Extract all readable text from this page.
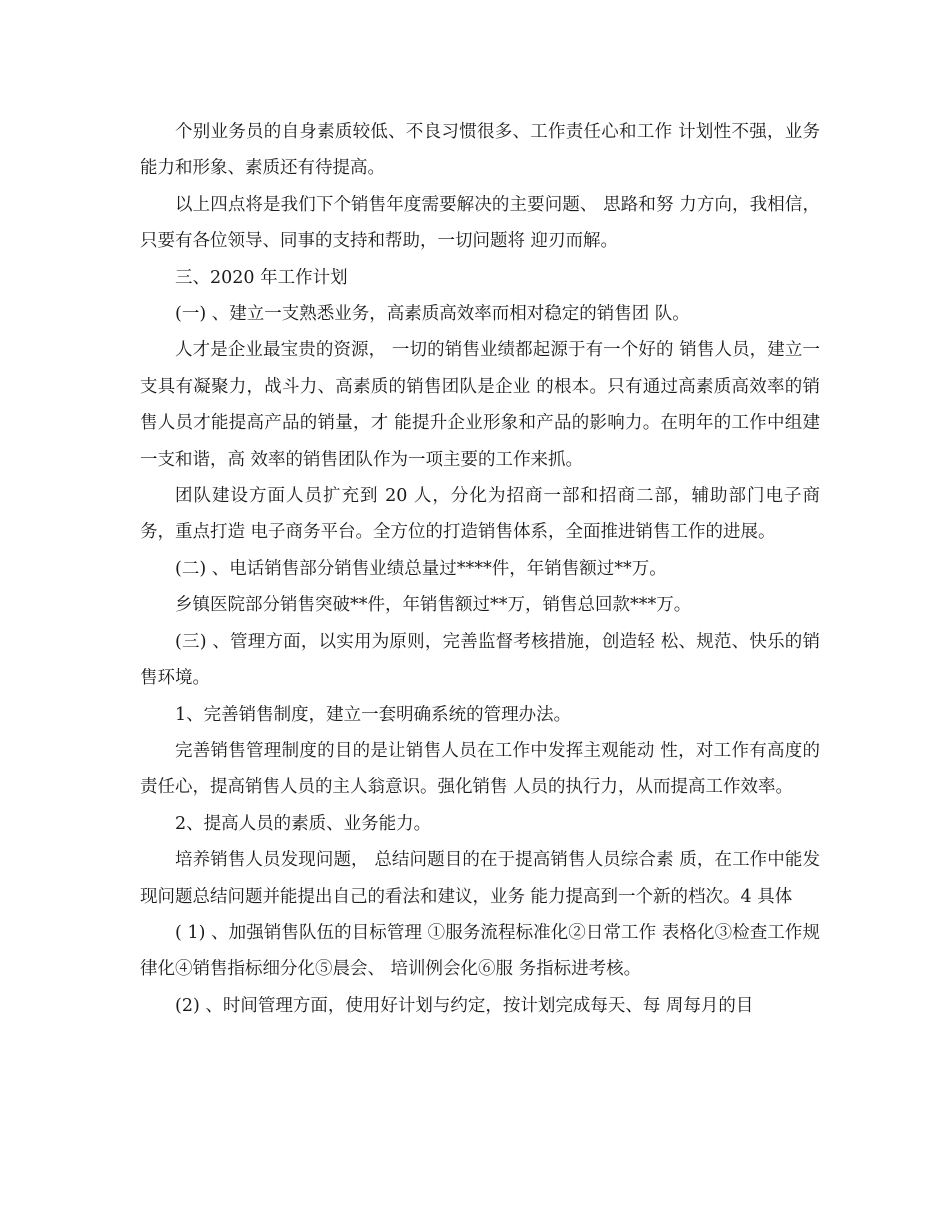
个别业务员的自身素质较低、不良习惯很多、工作责任心和工作 计划性不强，业务能力和形象、素质还有待提高。

以上四点将是我们下个销售年度需要解决的主要问题、 思路和努 力方向，我相信，只要有各位领导、同事的支持和帮助，一切问题将 迎刃而解。

三、2020 年工作计划

(一) 、建立一支熟悉业务，高素质高效率而相对稳定的销售团 队。

人才是企业最宝贵的资源， 一切的销售业绩都起源于有一个好的 销售人员，建立一支具有凝聚力，战斗力、高素质的销售团队是企业 的根本。只有通过高素质高效率的销售人员才能提高产品的销量，才 能提升企业形象和产品的影响力。在明年的工作中组建一支和谐，高 效率的销售团队作为一项主要的工作来抓。

团队建设方面人员扩充到 20 人，分化为招商一部和招商二部，辅助部门电子商务，重点打造 电子商务平台。全方位的打造销售体系，全面推进销售工作的进展。

(二) 、电话销售部分销售业绩总量过****件，年销售额过**万。

乡镇医院部分销售突破**件，年销售额过**万，销售总回款***万。

(三) 、管理方面，以实用为原则，完善监督考核措施，创造轻 松、规范、快乐的销售环境。

1、完善销售制度，建立一套明确系统的管理办法。

完善销售管理制度的目的是让销售人员在工作中发挥主观能动 性，对工作有高度的责任心，提高销售人员的主人翁意识。强化销售 人员的执行力，从而提高工作效率。

2、提高人员的素质、业务能力。

培养销售人员发现问题， 总结问题目的在于提高销售人员综合素 质，在工作中能发现问题总结问题并能提出自己的看法和建议，业务 能力提高到一个新的档次。4 具体

( 1) 、加强销售队伍的目标管理 ①服务流程标准化②日常工作 表格化③检查工作规律化④销售指标细分化⑤晨会、 培训例会化⑥服 务指标进考核。

(2) 、时间管理方面，使用好计划与约定，按计划完成每天、每 周每月的目
